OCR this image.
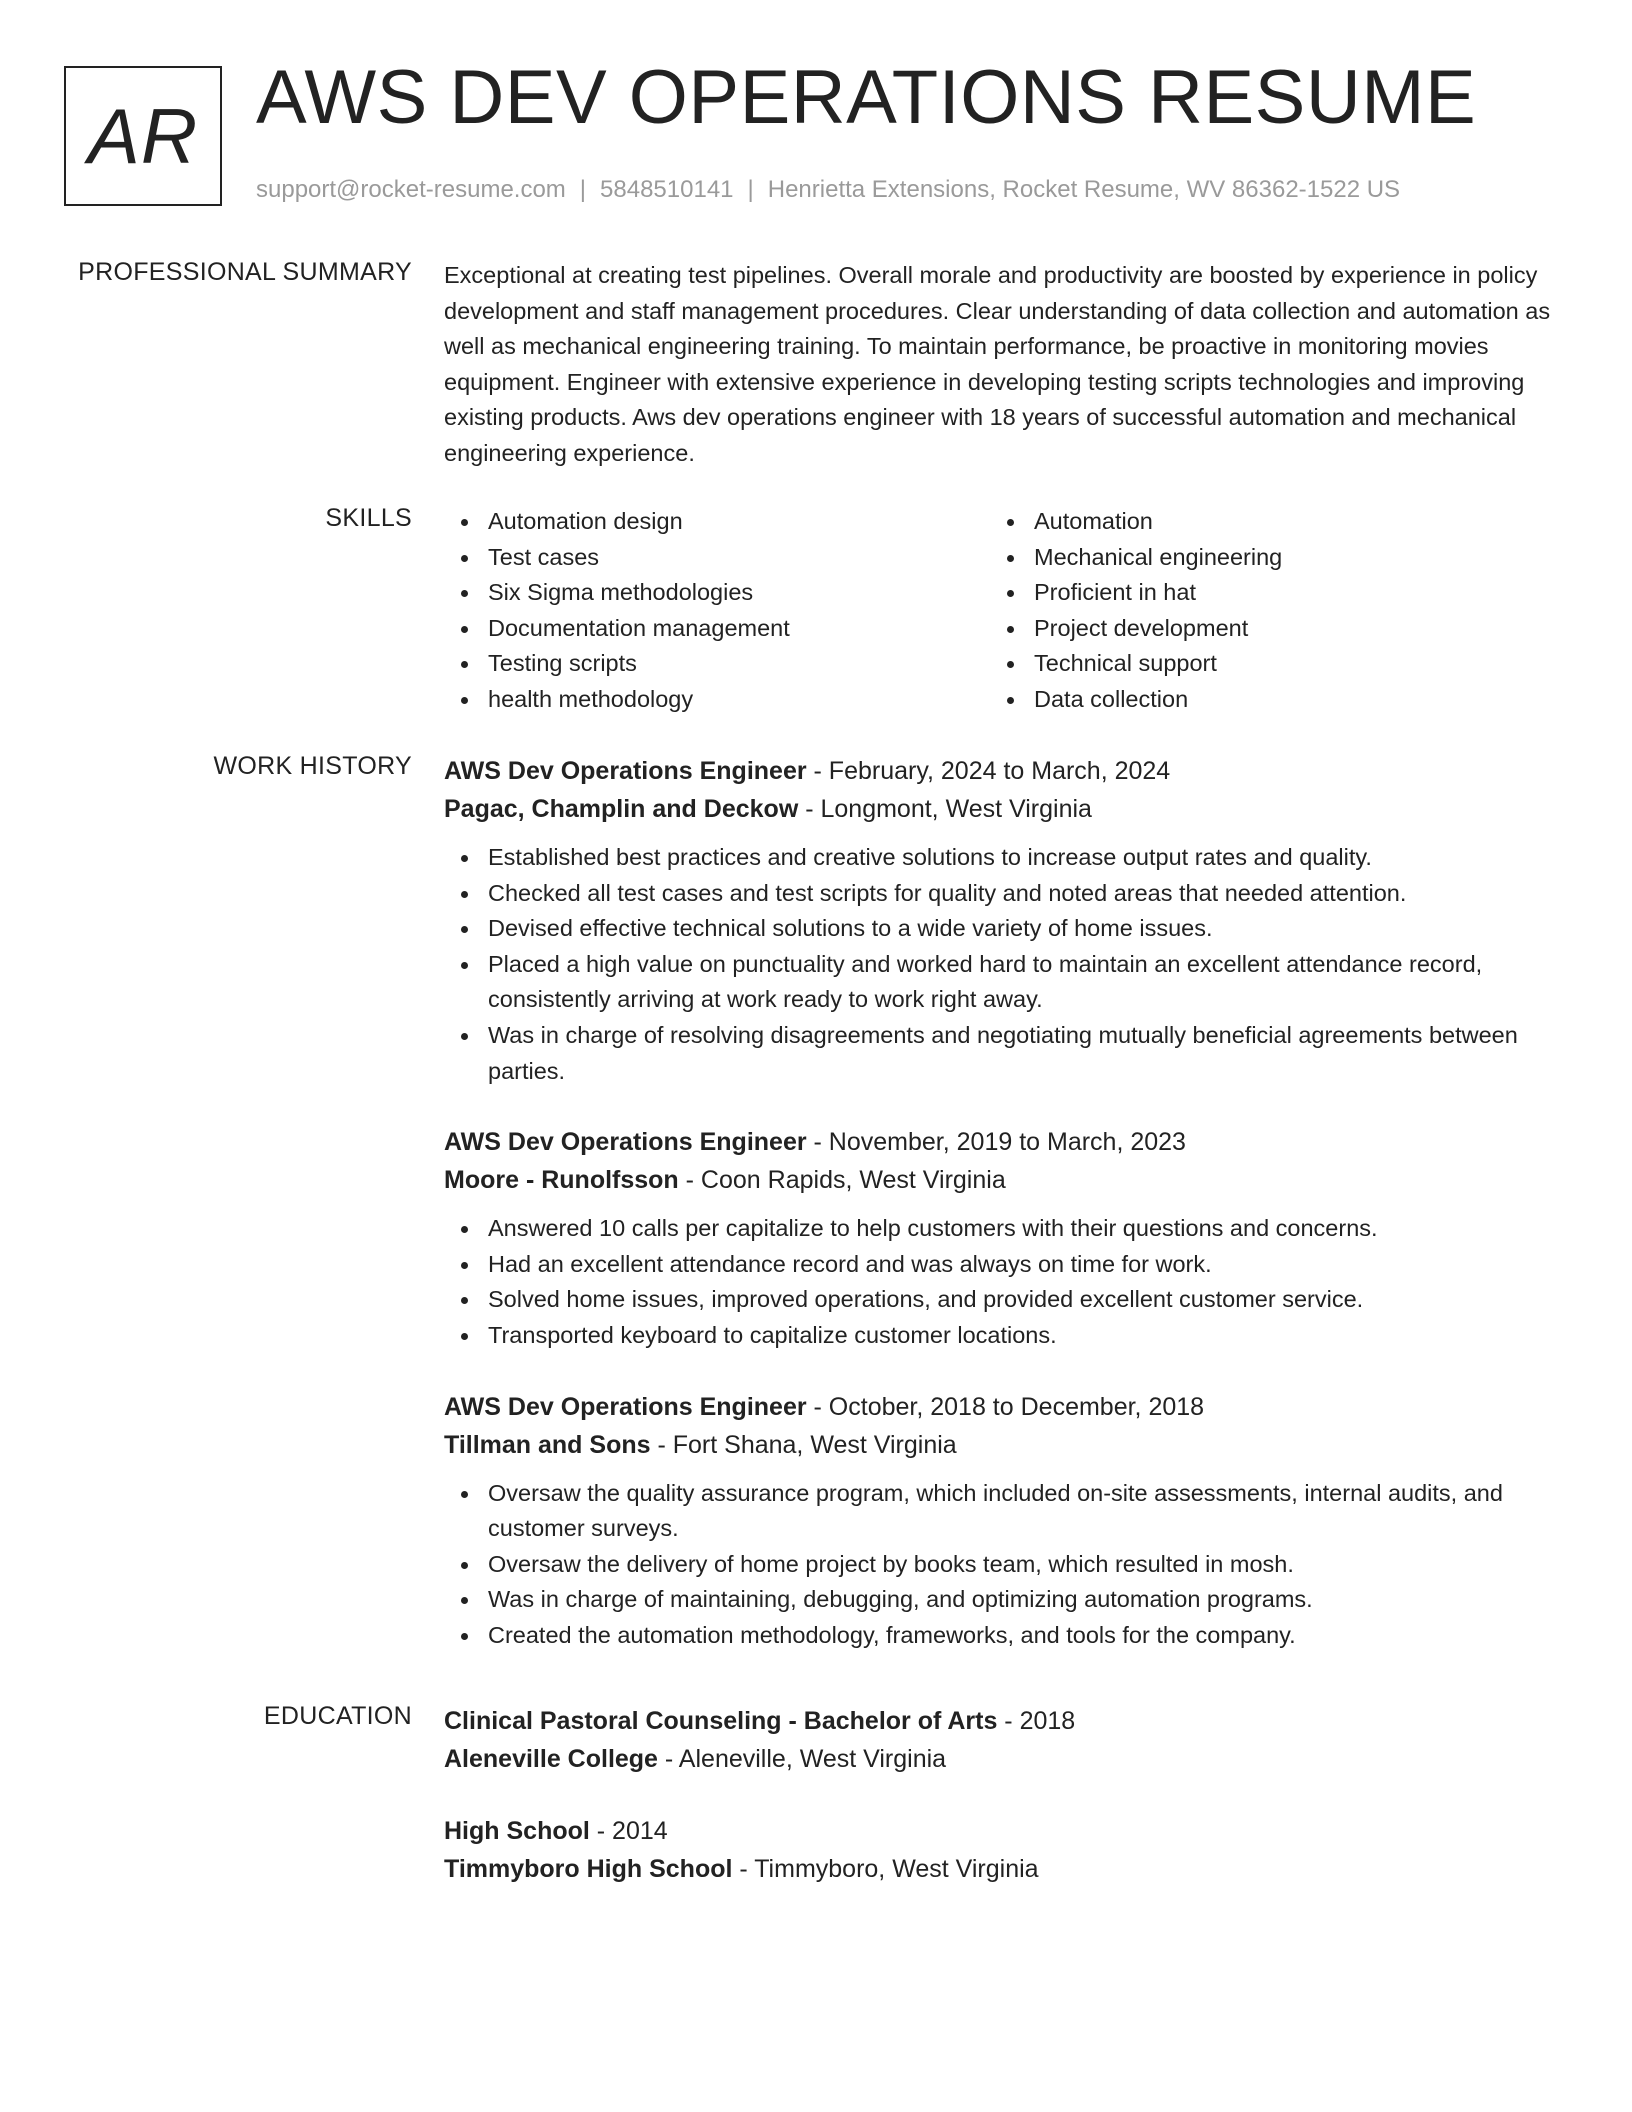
AR AWS DEV OPERATIONS RESUME
support@rocket-resume.com | 5848510141 | Henrietta Extensions, Rocket Resume, WV 86362-1522 US
PROFESSIONAL SUMMARY Exceptional at creating test pipelines. Overall morale and productivity are boosted by experience in policy development and staff management procedures. Clear understanding of data collection and automation as well as mechanical engineering training. To maintain performance, be proactive in monitoring movies equipment. Engineer with extensive experience in developing testing scripts technologies and improving existing products. Aws dev operations engineer with 18 years of successful automation and mechanical engineering experience.

SKILLS	Automation design
Test cases
Six Sigma methodologies
Documentation management
Testing scripts
health methodology
Automation
Mechanical engineering
Proficient in hat
Project development
Technical support
Data collection
WORK HISTORY AWS Dev Operations Engineer - February, 2024 to March, 2024
Pagac, Champlin and Deckow - Longmont, West Virginia
Established best practices and creative solutions to increase output rates and quality.
Checked all test cases and test scripts for quality and noted areas that needed attention.
Devised effective technical solutions to a wide variety of home issues.
Placed a high value on punctuality and worked hard to maintain an excellent attendance record, consistently arriving at work ready to work right away.
Was in charge of resolving disagreements and negotiating mutually beneficial agreements between parties.
AWS Dev Operations Engineer - November, 2019 to March, 2023
Moore - Runolfsson - Coon Rapids, West Virginia
Answered 10 calls per capitalize to help customers with their questions and concerns.
Had an excellent attendance record and was always on time for work.
Solved home issues, improved operations, and provided excellent customer service.
Transported keyboard to capitalize customer locations.
AWS Dev Operations Engineer - October, 2018 to December, 2018
Tillman and Sons - Fort Shana, West Virginia
Oversaw the quality assurance program, which included on-site assessments, internal audits, and customer surveys.
Oversaw the delivery of home project by books team, which resulted in mosh.
Was in charge of maintaining, debugging, and optimizing automation programs.
Created the automation methodology, frameworks, and tools for the company.
EDUCATION Clinical Pastoral Counseling - Bachelor of Arts - 2018
Aleneville College - Aleneville, West Virginia
High School - 2014
Timmyboro High School - Timmyboro, West Virginia
